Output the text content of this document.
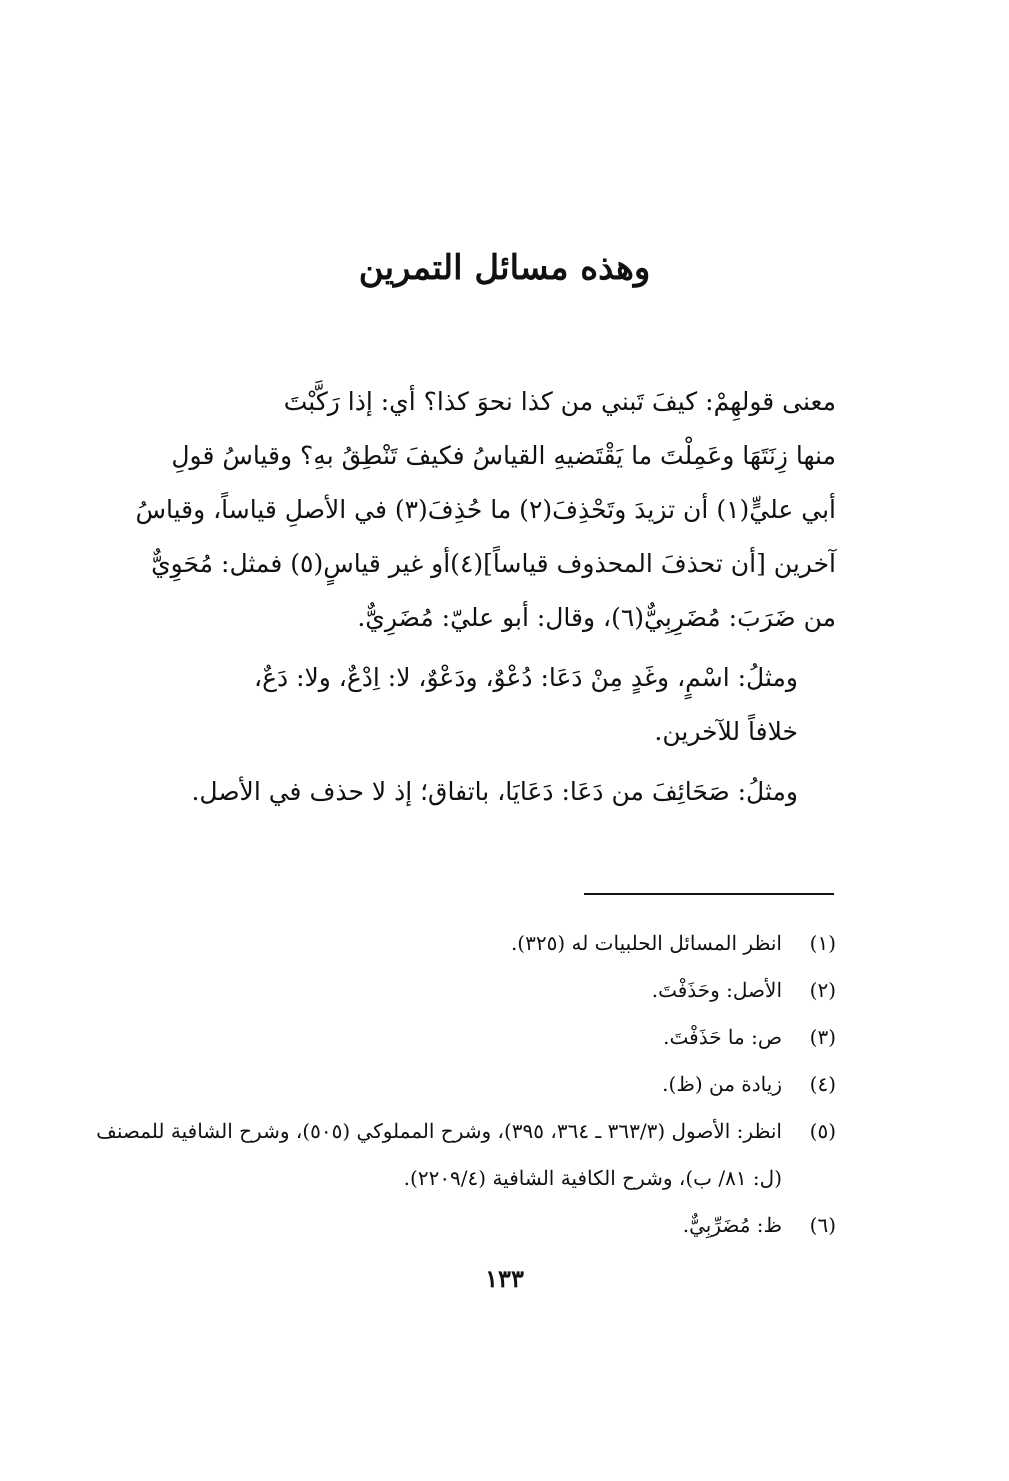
وهذه مسائل التمرين

معنى قولهِمْ: كيفَ تَبني من كذا نحوَ كذا؟ أي: إذا رَكَّبْتَ
منها زِنَتَهَا وعَمِلْتَ ما يَقْتَضيهِ القياسُ فكيفَ تَنْطِقُ بهِ؟ وقياسُ قولِ
أبي عليٍّ(١) أن تزيدَ وتَحْذِفَ(٢) ما حُذِفَ(٣) في الأصلِ قياساً، وقياسُ
آخرين [أن تحذفَ المحذوف قياساً](٤)أو غير قياسٍ(٥) فمثل: مُحَوِيٌّ
من ضَرَبَ: مُضَرِبِيٌّ(٦)، وقال: أبو عليّ: مُضَرِيٌّ.

ومثلُ: اسْمٍ، وغَدٍ مِنْ دَعَا: دُعْوٌ، ودَعْوٌ، لا: اِدْعٌ، ولا: دَعٌ،
خلافاً للآخرين.

ومثلُ: صَحَائِفَ من دَعَا: دَعَايَا، باتفاق؛ إذ لا حذف في الأصل.

(١)
انظر المسائل الحلبيات له (٣٢٥).
(٢)
الأصل: وحَذَفْتَ.
(٣)
ص: ما حَذَفْتَ.
(٤)
زيادة من (ظ).
(٥)
انظر: الأصول (٣٦٣/٣ ـ ٣٦٤، ٣٩٥)، وشرح المملوكي (٥٠٥)، وشرح الشافية للمصنف (ل: ٨١/ ب)، وشرح الكافية الشافية (٢٢٠٩/٤).
(٦)
ظ: مُضَرِّبِيٌّ.
١٣٣
